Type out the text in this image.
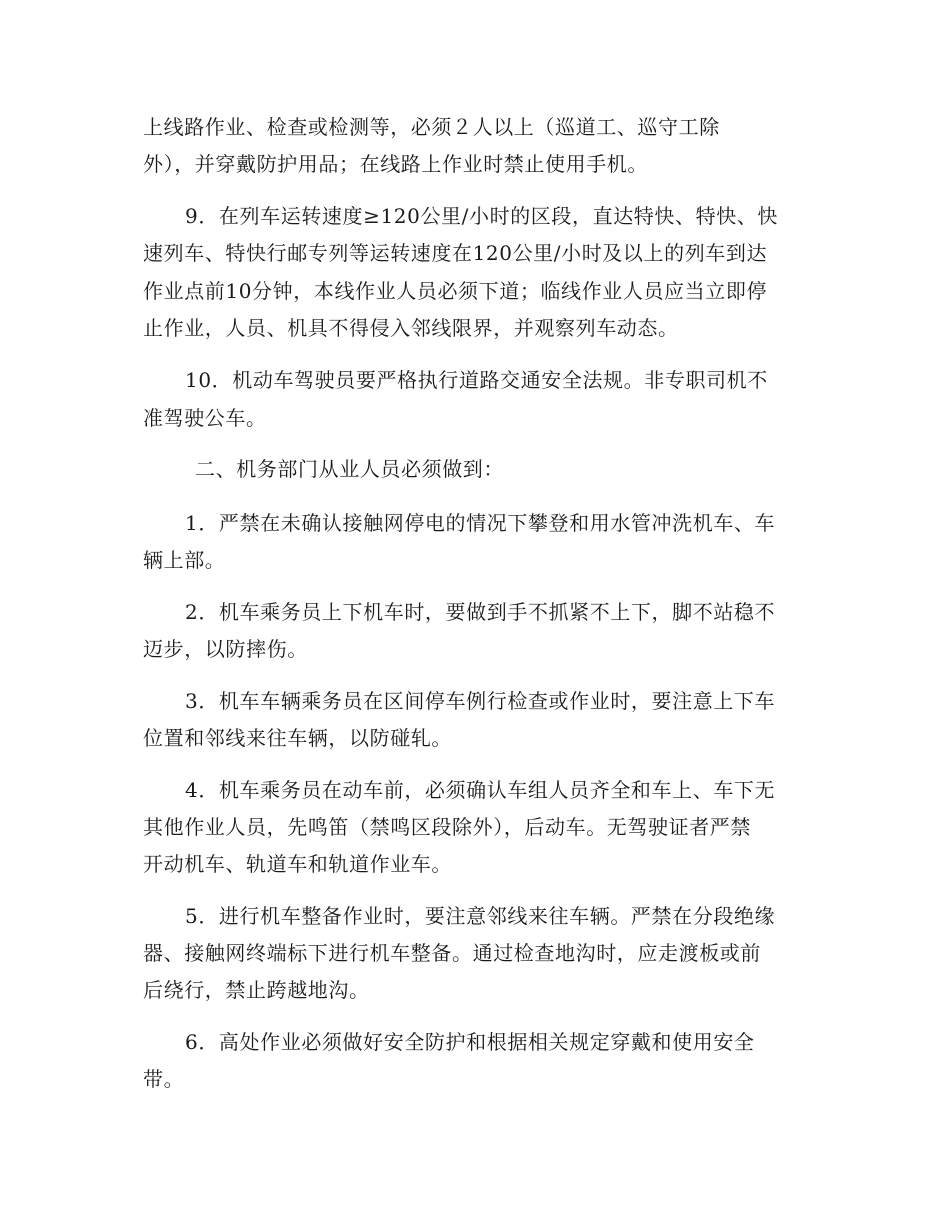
上线路作业、检查或检测等，必须２人以上（巡道工、巡守工除
外），并穿戴防护用品；在线路上作业时禁止使用手机。
9．在列车运转速度≥120公里/小时的区段，直达特快、特快、快
速列车、特快行邮专列等运转速度在120公里/小时及以上的列车到达
作业点前10分钟，本线作业人员必须下道；临线作业人员应当立即停
止作业，人员、机具不得侵入邻线限界，并观察列车动态。
10．机动车驾驶员要严格执行道路交通安全法规。非专职司机不
准驾驶公车。
二、机务部门从业人员必须做到：
1．严禁在未确认接触网停电的情况下攀登和用水管冲洗机车、车
辆上部。
2．机车乘务员上下机车时，要做到手不抓紧不上下，脚不站稳不
迈步，以防摔伤。
3．机车车辆乘务员在区间停车例行检查或作业时，要注意上下车
位置和邻线来往车辆，以防碰轧。
4．机车乘务员在动车前，必须确认车组人员齐全和车上、车下无
其他作业人员，先鸣笛（禁鸣区段除外），后动车。无驾驶证者严禁
开动机车、轨道车和轨道作业车。
5．进行机车整备作业时，要注意邻线来往车辆。严禁在分段绝缘
器、接触网终端标下进行机车整备。通过检查地沟时，应走渡板或前
后绕行，禁止跨越地沟。
6．高处作业必须做好安全防护和根据相关规定穿戴和使用安全
带。
